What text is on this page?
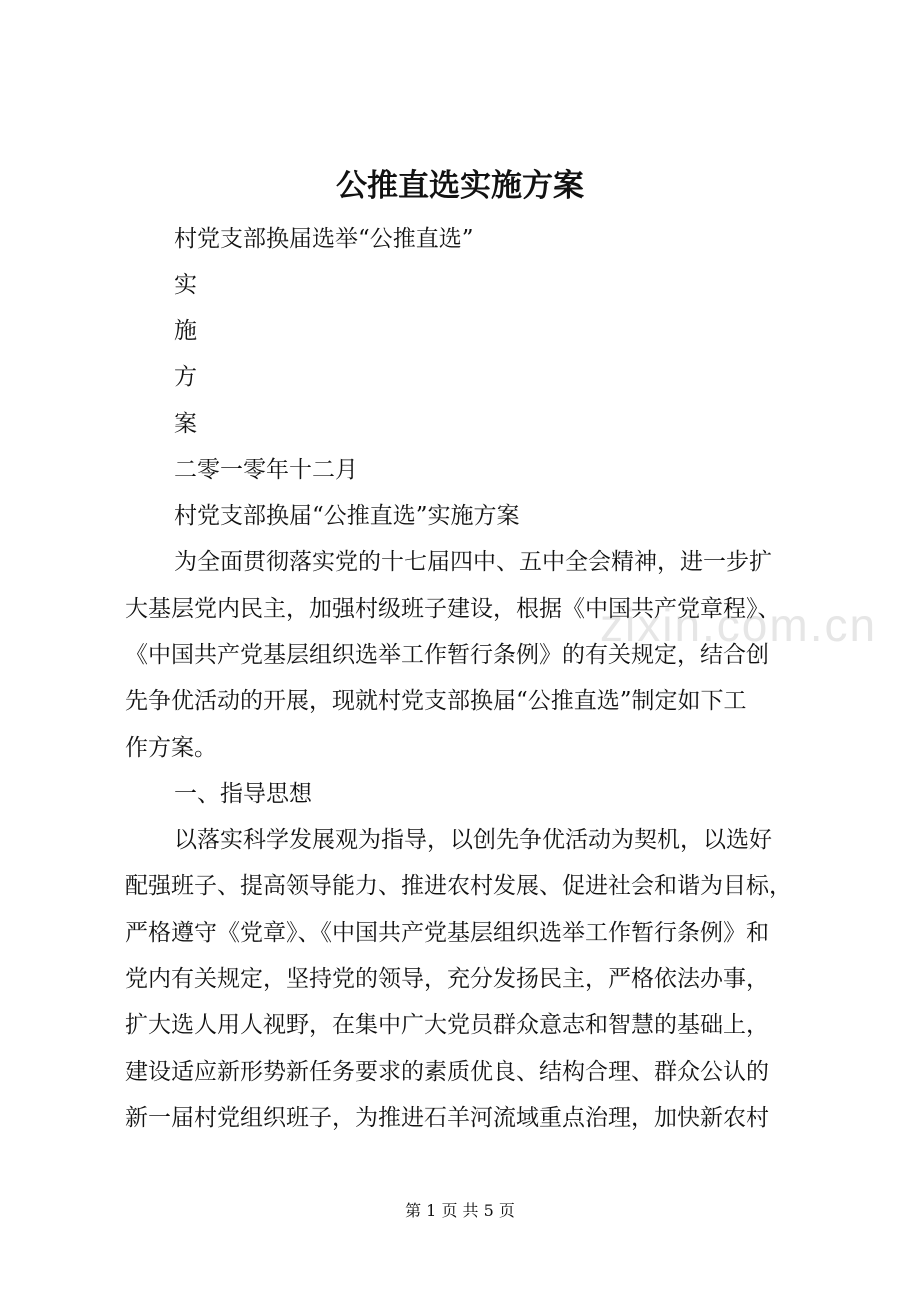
zixin.com.cn
公推直选实施方案

村党支部换届选举“公推直选”

实

施

方

案

二零一零年十二月

村党支部换届“公推直选”实施方案

为全面贯彻落实党的十七届四中、五中全会精神，进一步扩

大基层党内民主，加强村级班子建设，根据《中国共产党章程》、

《中国共产党基层组织选举工作暂行条例》的有关规定，结合创

先争优活动的开展，现就村党支部换届“公推直选”制定如下工

作方案。

一、指导思想

以落实科学发展观为指导，以创先争优活动为契机，以选好

配强班子、提高领导能力、推进农村发展、促进社会和谐为目标，

严格遵守《党章》、《中国共产党基层组织选举工作暂行条例》和

党内有关规定，坚持党的领导，充分发扬民主，严格依法办事，

扩大选人用人视野，在集中广大党员群众意志和智慧的基础上，

建设适应新形势新任务要求的素质优良、结构合理、群众公认的

新一届村党组织班子，为推进石羊河流域重点治理，加快新农村

第 1 页 共 5 页
